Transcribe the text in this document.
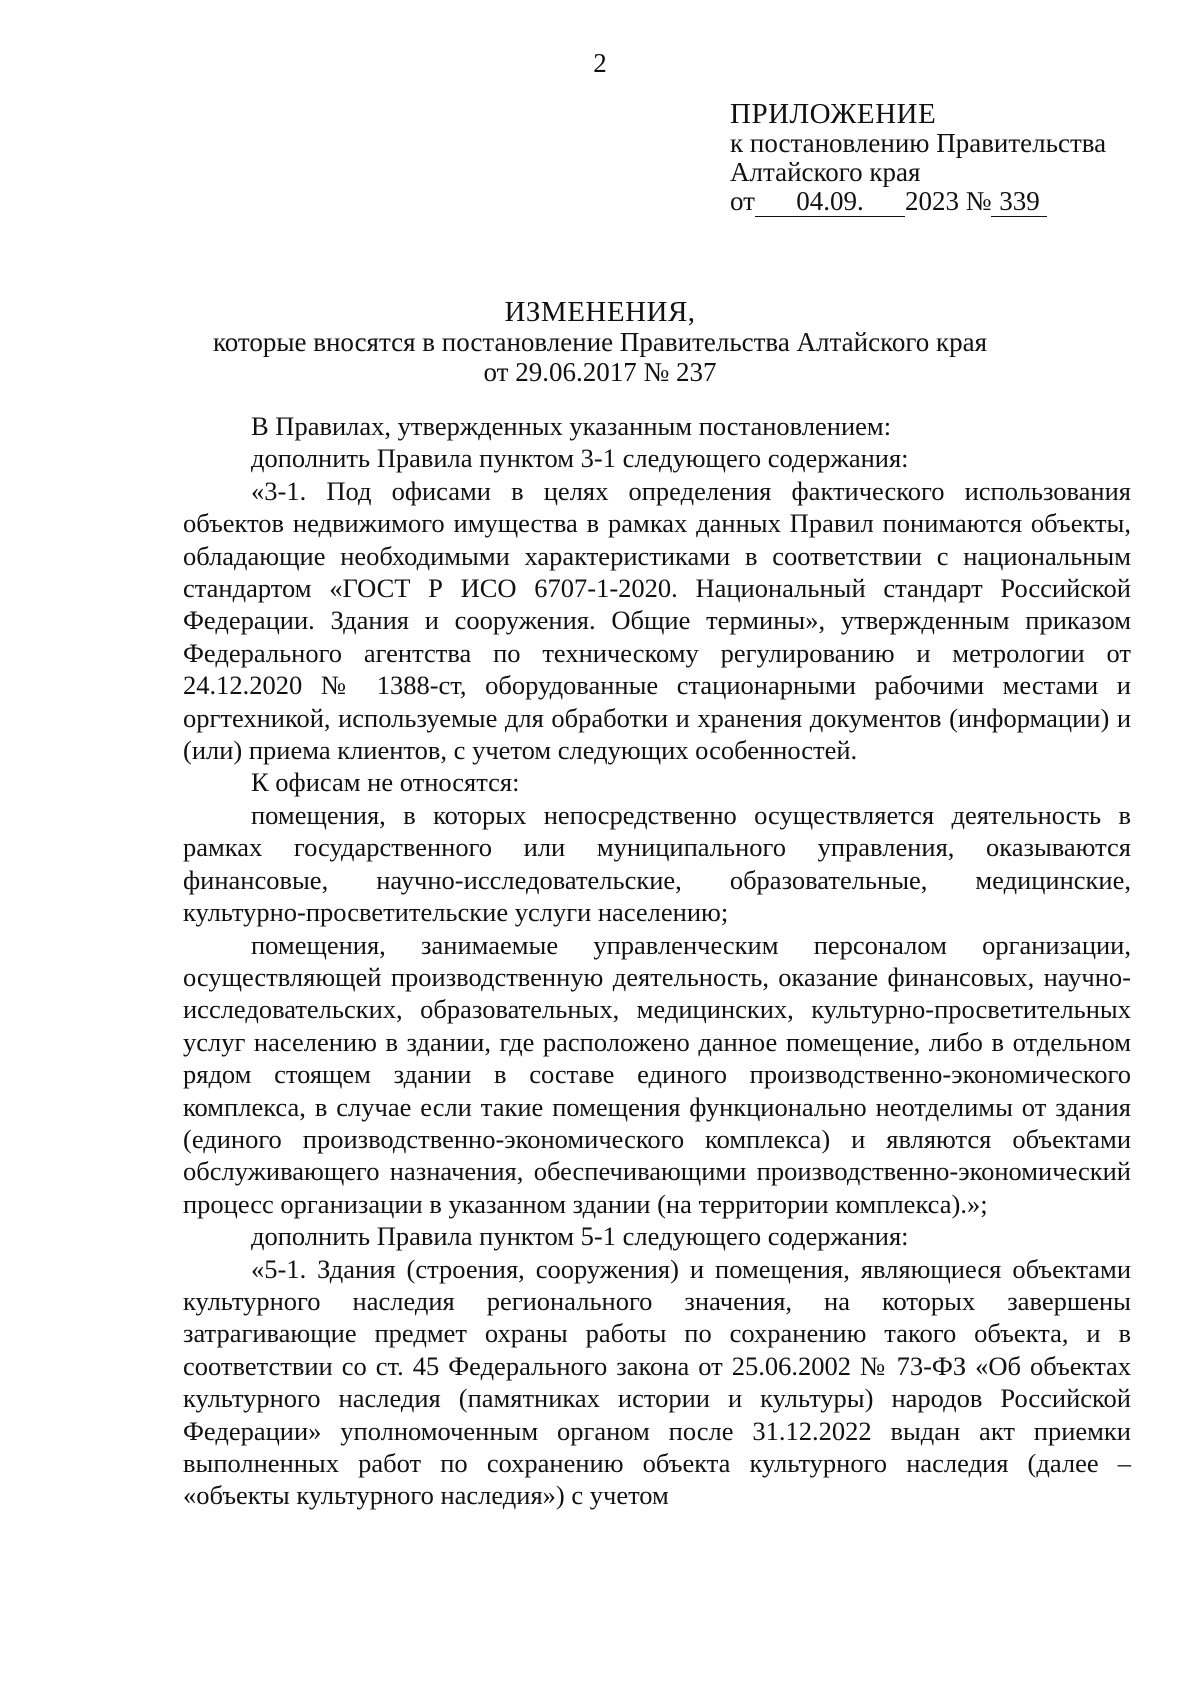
2
ПРИЛОЖЕНИЕ
к постановлению Правительства
Алтайского края
от 04.09. 2023 № 339
ИЗМЕНЕНИЯ,
которые вносятся в постановление Правительства Алтайского края
от 29.06.2017 № 237

В Правилах, утвержденных указанным постановлением:

дополнить Правила пунктом 3-1 следующего содержания:

«3-1. Под офисами в целях определения фактического использования объектов недвижимого имущества в рамках данных Правил понимаются объекты, обладающие необходимыми характеристиками в соответствии с национальным стандартом «ГОСТ Р ИСО 6707-1-2020. Национальный стандарт Российской Федерации. Здания и сооружения. Общие термины», утвержденным приказом Федерального агентства по техническому регулированию и метрологии от 24.12.2020 № 1388-ст, оборудованные стационарными рабочими местами и оргтехникой, используемые для обработки и хранения документов (информации) и (или) приема клиентов, с учетом следующих особенностей.

К офисам не относятся:

помещения, в которых непосредственно осуществляется деятельность в рамках государственного или муниципального управления, оказываются финансовые, научно-исследовательские, образовательные, медицинские, культурно-просветительские услуги населению;

помещения, занимаемые управленческим персоналом организации, осуществляющей производственную деятельность, оказание финансовых, научно-исследовательских, образовательных, медицинских, культурно-просветительных услуг населению в здании, где расположено данное помещение, либо в отдельном рядом стоящем здании в составе единого производственно-экономического комплекса, в случае если такие помещения функционально неотделимы от здания (единого производственно-экономического комплекса) и являются объектами обслуживающего назначения, обеспечивающими производственно-экономический процесс организации в указанном здании (на территории комплекса).»;

дополнить Правила пунктом 5-1 следующего содержания:

«5-1. Здания (строения, сооружения) и помещения, являющиеся объектами культурного наследия регионального значения, на которых завершены затрагивающие предмет охраны работы по сохранению такого объекта, и в соответствии со ст. 45 Федерального закона от 25.06.2002 № 73-ФЗ «Об объектах культурного наследия (памятниках истории и культуры) народов Российской Федерации» уполномоченным органом после 31.12.2022 выдан акт приемки выполненных работ по сохранению объекта культурного наследия (далее – «объекты культурного наследия») с учетом
